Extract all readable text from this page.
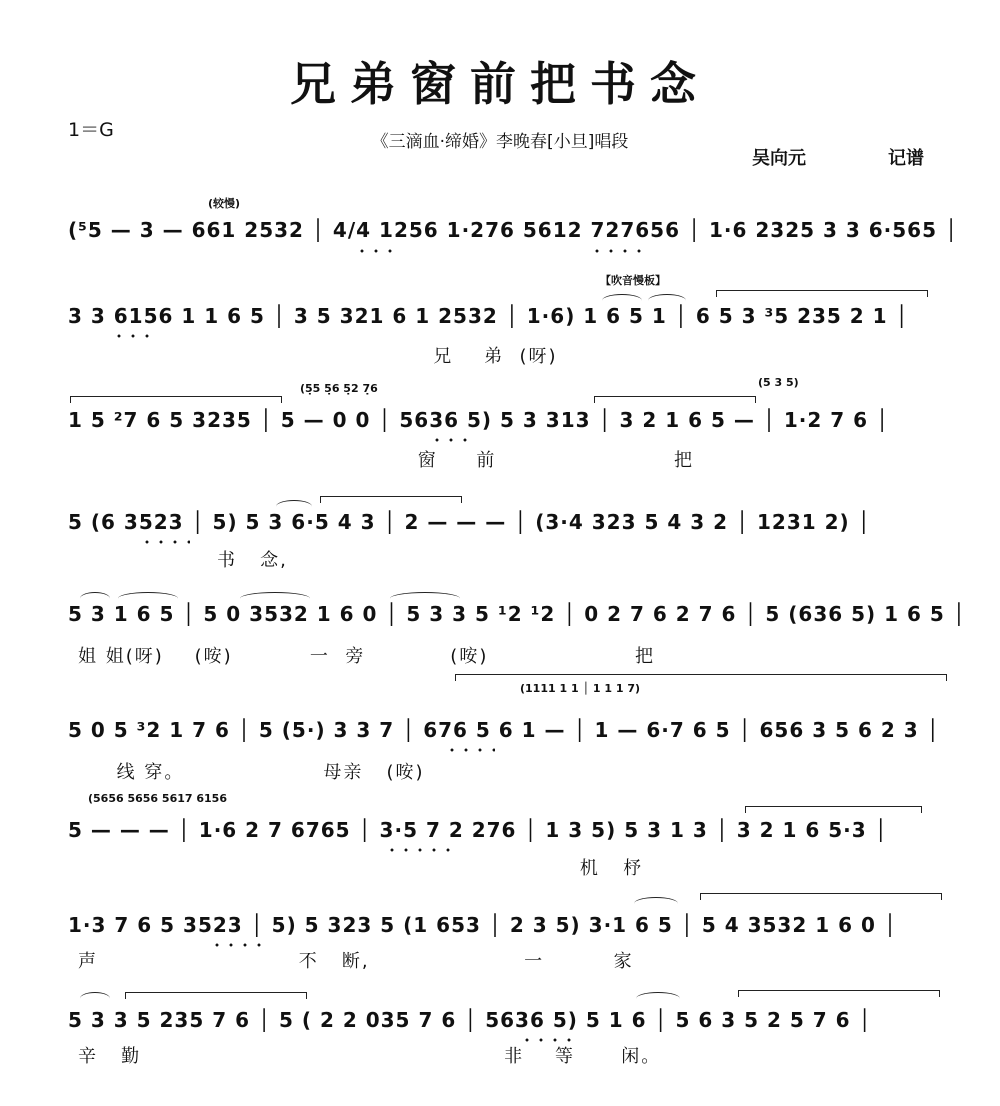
兄弟窗前把书念
1＝G
《三滴血·缔婚》李晚春[小旦]唱段
吴向元	记谱
(较慢)
(⁵5 — 3 — 661 2532 │ 4/4 1256 1·276 5612 727656 │ 1·6 2325 3 3 6·565 │
【吹音慢板】
3 3 6156 1 1 6 5 │ 3 5 321 6 1 2532 │ 1·6) 1 6 5 1 │ 6 5 3 ³5 235 2 1 │
兄    弟  (呀)
(5̣5 5̣6 5̣2 7̣6	(5 3 5)
1 5 ²7 6 5 3235 │ 5 — 0 0 │ 5636 5) 5 3 313 │ 3 2 1 6 5 — │ 1·2 7 6 │
窗     前                       把
5 (6 3523 │ 5) 5 3 6·5 4 3 │ 2 — — — │ (3·4 323 5 4 3 2 │ 1231 2) │
书   念,
5 3 1 6 5 │ 5 0 3532 1 6 0 │ 5 3 3 5 ¹2 ¹2 │ 0 2 7 6 2 7 6 │ 5 (636 5) 1 6 5 │
姐 姐(呀)    (咹)          一  旁           (咹)                   把
(1111 1 1 │ 1 1 1 7)
5 0 5 ³2 1 7 6 │ 5 (5·) 3 3 7 │ 676 5 6 1 — │ 1 — 6·7 6 5 │ 656 3 5 6 2 3 │
线 穿。                  母亲   (咹)
(5656 5656 5617 6156
5 — — — │ 1·6 2 7 6765 │ 3·5 7 2 276 │ 1 3 5) 5 3 1 3 │ 3 2 1 6 5·3 │
机   杼
1·3 7 6 5 3523 │ 5) 5 323 5 (1 653 │ 2 3 5) 3·1 6 5 │ 5 4 3532 1 6 0 │
声                          不   断,                    一         家
5 3 3 5 235 7 6 │ 5 ( 2 2 035 7 6 │ 5636 5) 5 1 6 │ 5 6 3 5 2 5 7 6 │
辛   勤                                               非    等      闲。
